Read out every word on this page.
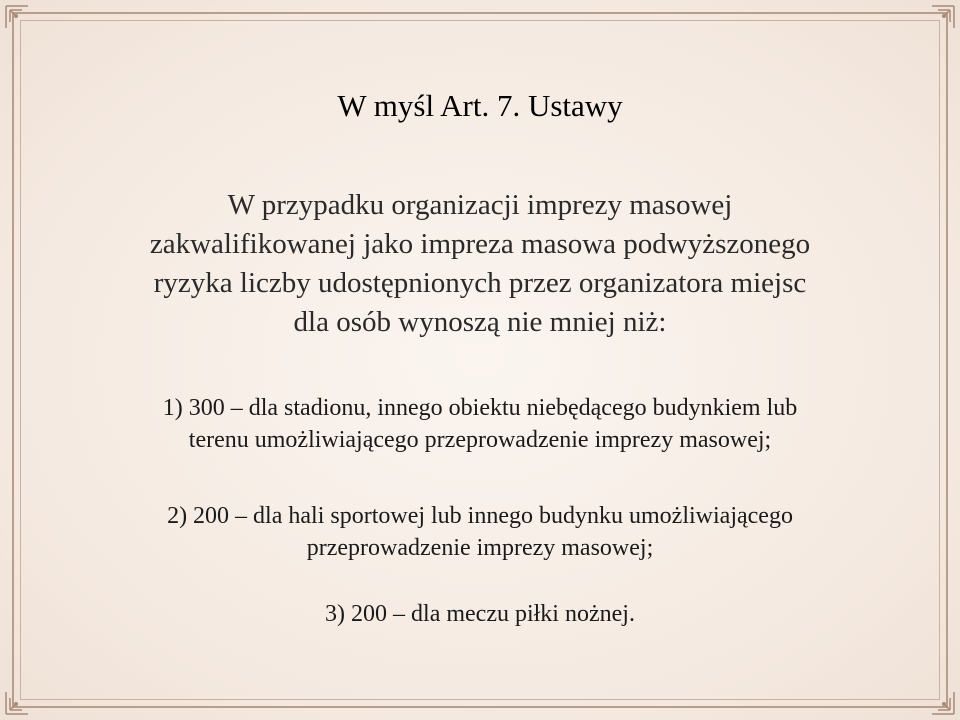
W myśl Art. 7. Ustawy
W przypadku organizacji imprezy masowej
zakwalifikowanej jako impreza masowa podwyższonego
ryzyka liczby udostępnionych przez organizatora miejsc
dla osób wynoszą nie mniej niż:
1) 300 – dla stadionu, innego obiektu niebędącego budynkiem lub
terenu umożliwiającego przeprowadzenie imprezy masowej;
2) 200 – dla hali sportowej lub innego budynku umożliwiającego
przeprowadzenie imprezy masowej;
3) 200 – dla meczu piłki nożnej.
